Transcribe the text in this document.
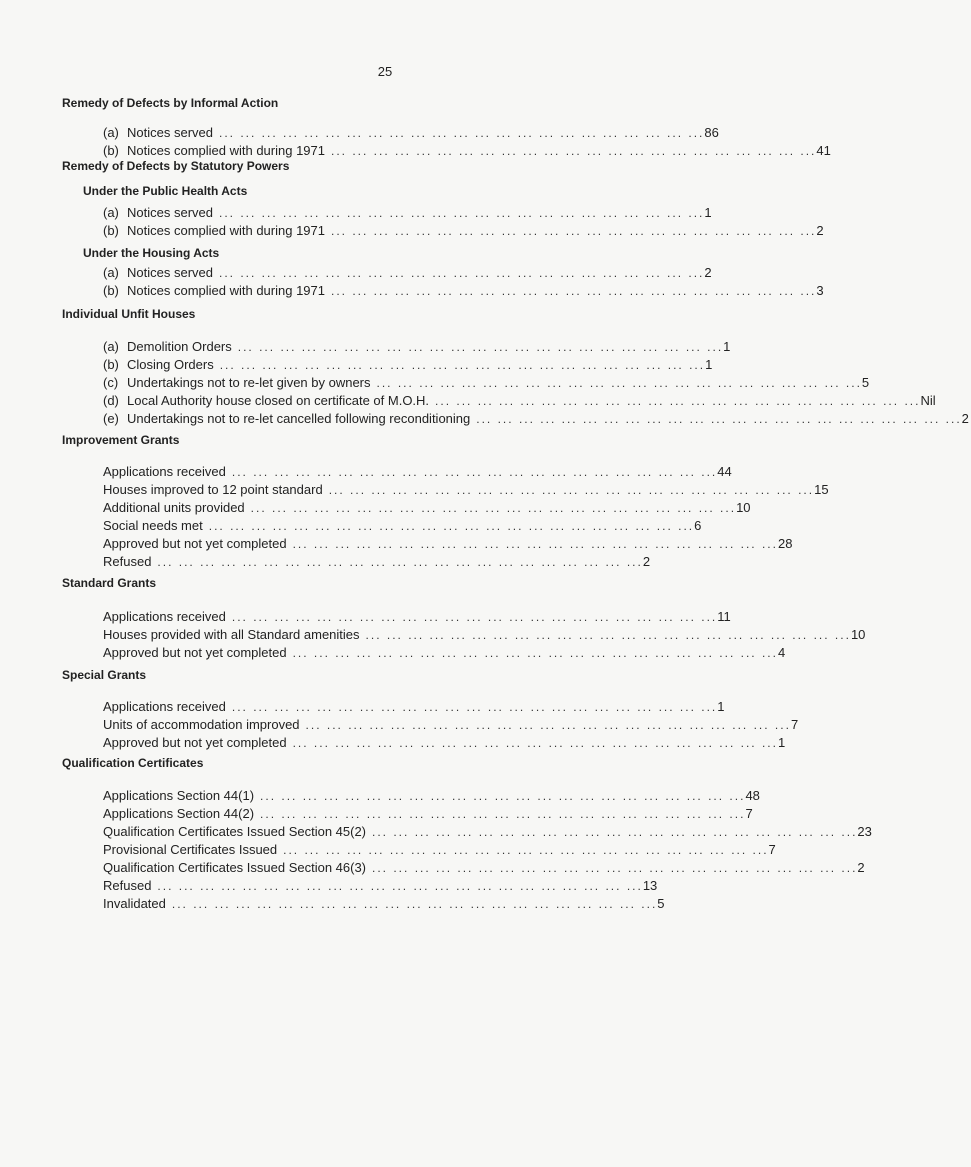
25
Remedy of Defects by Informal Action
(a) Notices served ... ... ... ... ... ... ... ... ... ... ... ... ... ... ... ... ... ... ... ... ... ... ... 86
(b) Notices complied with during 1971 ... ... ... ... ... ... ... ... ... ... ... ... ... ... ... ... ... ... ... ... ... ... ... 41
Remedy of Defects by Statutory Powers
Under the Public Health Acts
(a) Notices served ... ... ... ... ... ... ... ... ... ... ... ... ... ... ... ... ... ... ... ... ... ... ... 1
(b) Notices complied with during 1971 ... ... ... ... ... ... ... ... ... ... ... ... ... ... ... ... ... ... ... ... ... ... ... 2
Under the Housing Acts
(a) Notices served ... ... ... ... ... ... ... ... ... ... ... ... ... ... ... ... ... ... ... ... ... ... ... 2
(b) Notices complied with during 1971 ... ... ... ... ... ... ... ... ... ... ... ... ... ... ... ... ... ... ... ... ... ... ... 3
Individual Unfit Houses
(a) Demolition Orders ... ... ... ... ... ... ... ... ... ... ... ... ... ... ... ... ... ... ... ... ... ... ... 1
(b) Closing Orders ... ... ... ... ... ... ... ... ... ... ... ... ... ... ... ... ... ... ... ... ... ... ... 1
(c) Undertakings not to re-let given by owners ... ... ... ... ... ... ... ... ... ... ... ... ... ... ... ... ... ... ... ... ... ... ... 5
(d) Local Authority house closed on certificate of M.O.H. ... ... ... ... ... ... ... ... ... ... ... ... ... ... ... ... ... ... ... ... ... ... ... Nil
(e) Undertakings not to re-let cancelled following reconditioning ... ... ... ... ... ... ... ... ... ... ... ... ... ... ... ... ... ... ... ... ... ... ... 2
Improvement Grants
Applications received ... ... ... ... ... ... ... ... ... ... ... ... ... ... ... ... ... ... ... ... ... ... ... 44
Houses improved to 12 point standard ... ... ... ... ... ... ... ... ... ... ... ... ... ... ... ... ... ... ... ... ... ... ... 15
Additional units provided ... ... ... ... ... ... ... ... ... ... ... ... ... ... ... ... ... ... ... ... ... ... ... 10
Social needs met ... ... ... ... ... ... ... ... ... ... ... ... ... ... ... ... ... ... ... ... ... ... ... 6
Approved but not yet completed ... ... ... ... ... ... ... ... ... ... ... ... ... ... ... ... ... ... ... ... ... ... ... 28
Refused ... ... ... ... ... ... ... ... ... ... ... ... ... ... ... ... ... ... ... ... ... ... ... 2
Standard Grants
Applications received ... ... ... ... ... ... ... ... ... ... ... ... ... ... ... ... ... ... ... ... ... ... ... 11
Houses provided with all Standard amenities ... ... ... ... ... ... ... ... ... ... ... ... ... ... ... ... ... ... ... ... ... ... ... 10
Approved but not yet completed ... ... ... ... ... ... ... ... ... ... ... ... ... ... ... ... ... ... ... ... ... ... ... 4
Special Grants
Applications received ... ... ... ... ... ... ... ... ... ... ... ... ... ... ... ... ... ... ... ... ... ... ... 1
Units of accommodation improved ... ... ... ... ... ... ... ... ... ... ... ... ... ... ... ... ... ... ... ... ... ... ... 7
Approved but not yet completed ... ... ... ... ... ... ... ... ... ... ... ... ... ... ... ... ... ... ... ... ... ... ... 1
Qualification Certificates
Applications Section 44(1) ... ... ... ... ... ... ... ... ... ... ... ... ... ... ... ... ... ... ... ... ... ... ... 48
Applications Section 44(2) ... ... ... ... ... ... ... ... ... ... ... ... ... ... ... ... ... ... ... ... ... ... ... 7
Qualification Certificates Issued Section 45(2) ... ... ... ... ... ... ... ... ... ... ... ... ... ... ... ... ... ... ... ... ... ... ... 23
Provisional Certificates Issued ... ... ... ... ... ... ... ... ... ... ... ... ... ... ... ... ... ... ... ... ... ... ... 7
Qualification Certificates Issued Section 46(3) ... ... ... ... ... ... ... ... ... ... ... ... ... ... ... ... ... ... ... ... ... ... ... 2
Refused ... ... ... ... ... ... ... ... ... ... ... ... ... ... ... ... ... ... ... ... ... ... ... 13
Invalidated ... ... ... ... ... ... ... ... ... ... ... ... ... ... ... ... ... ... ... ... ... ... ... 5
